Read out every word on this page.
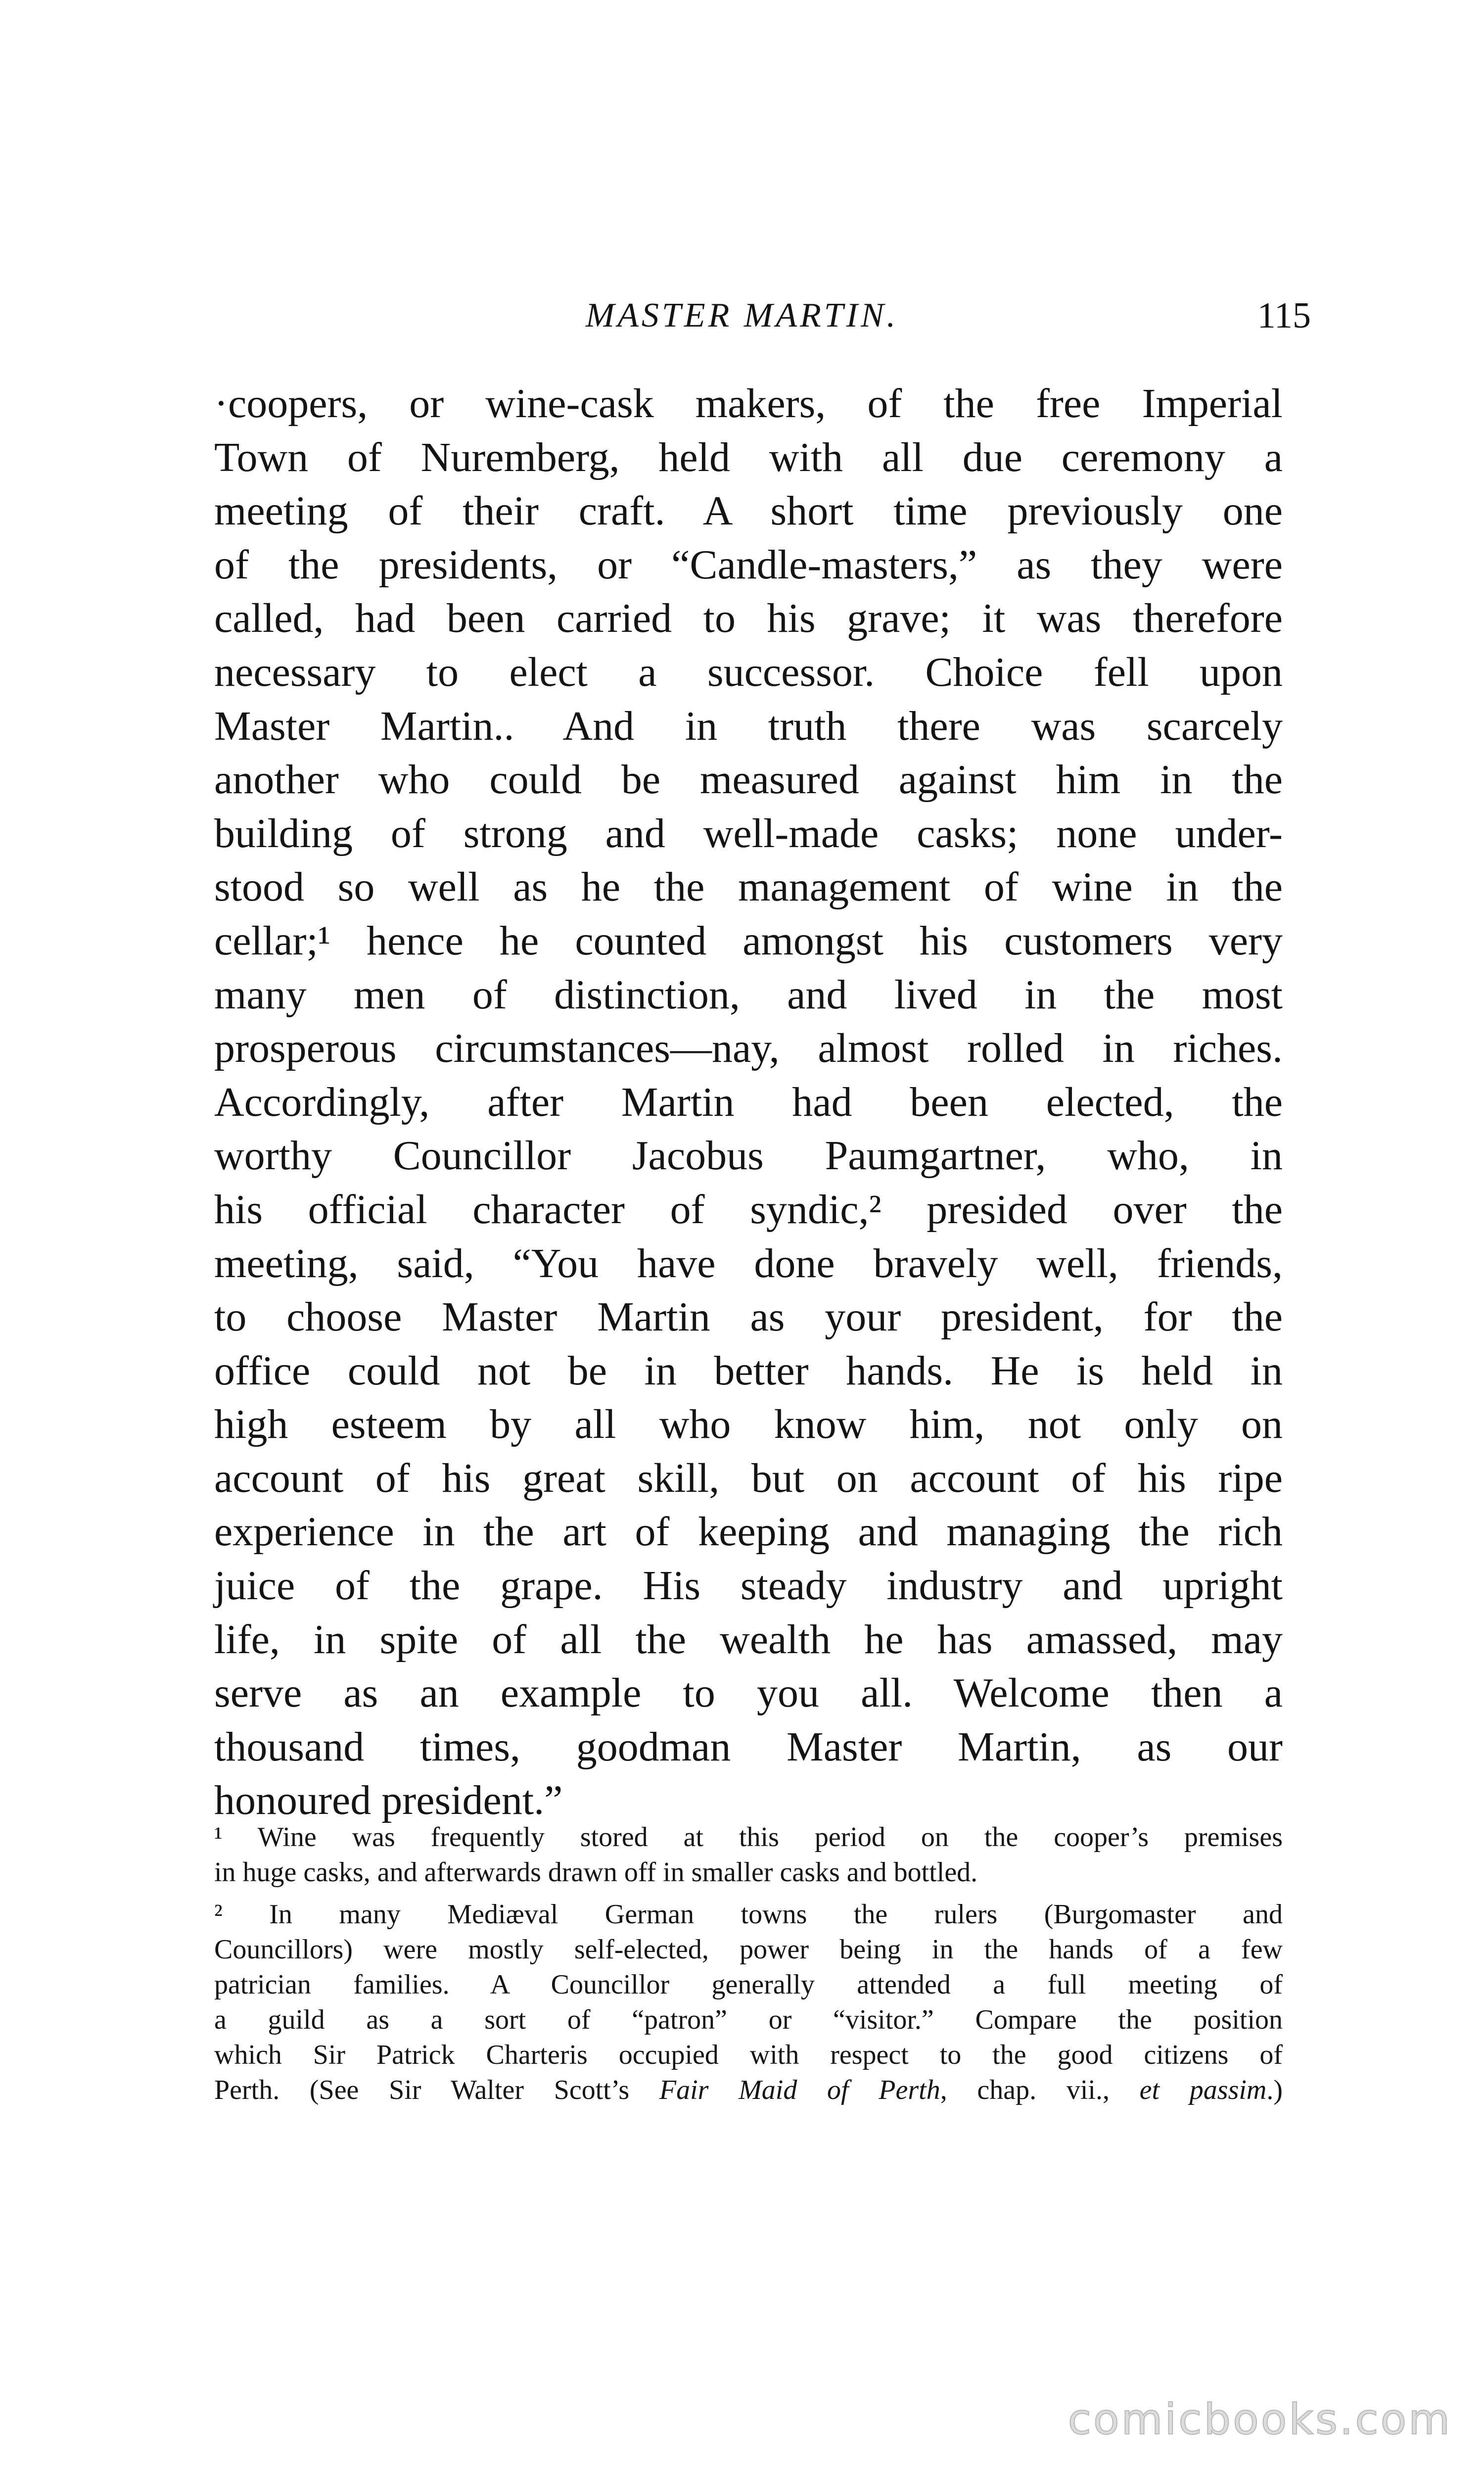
MASTER MARTIN.	115
·coopers, or wine-cask makers, of the free Imperial
Town of Nuremberg, held with all due ceremony a
meeting of their craft. A short time previously one
of the presidents, or “Candle-masters,” as they were
called, had been carried to his grave; it was therefore
necessary to elect a successor. Choice fell upon
Master Martin.. And in truth there was scarcely
another who could be measured against him in the
building of strong and well-made casks; none under-
stood so well as he the management of wine in the
cellar;¹ hence he counted amongst his customers very
many men of distinction, and lived in the most
prosperous circumstances—nay, almost rolled in riches.
Accordingly, after Martin had been elected, the
worthy Councillor Jacobus Paumgartner, who, in
his official character of syndic,² presided over the
meeting, said, “You have done bravely well, friends,
to choose Master Martin as your president, for the
office could not be in better hands. He is held in
high esteem by all who know him, not only on
account of his great skill, but on account of his ripe
experience in the art of keeping and managing the rich
juice of the grape. His steady industry and upright
life, in spite of all the wealth he has amassed, may
serve as an example to you all. Welcome then a
thousand times, goodman Master Martin, as our
honoured president.”
¹ Wine was frequently stored at this period on the cooper’s premises
in huge casks, and afterwards drawn off in smaller casks and bottled.
² In many Mediæval German towns the rulers (Burgomaster and
Councillors) were mostly self-elected, power being in the hands of a few
patrician families. A Councillor generally attended a full meeting of
a guild as a sort of “patron” or “visitor.” Compare the position
which Sir Patrick Charteris occupied with respect to the good citizens of
Perth. (See Sir Walter Scott’s Fair Maid of Perth, chap. vii., et passim.)
comicbooks.com
